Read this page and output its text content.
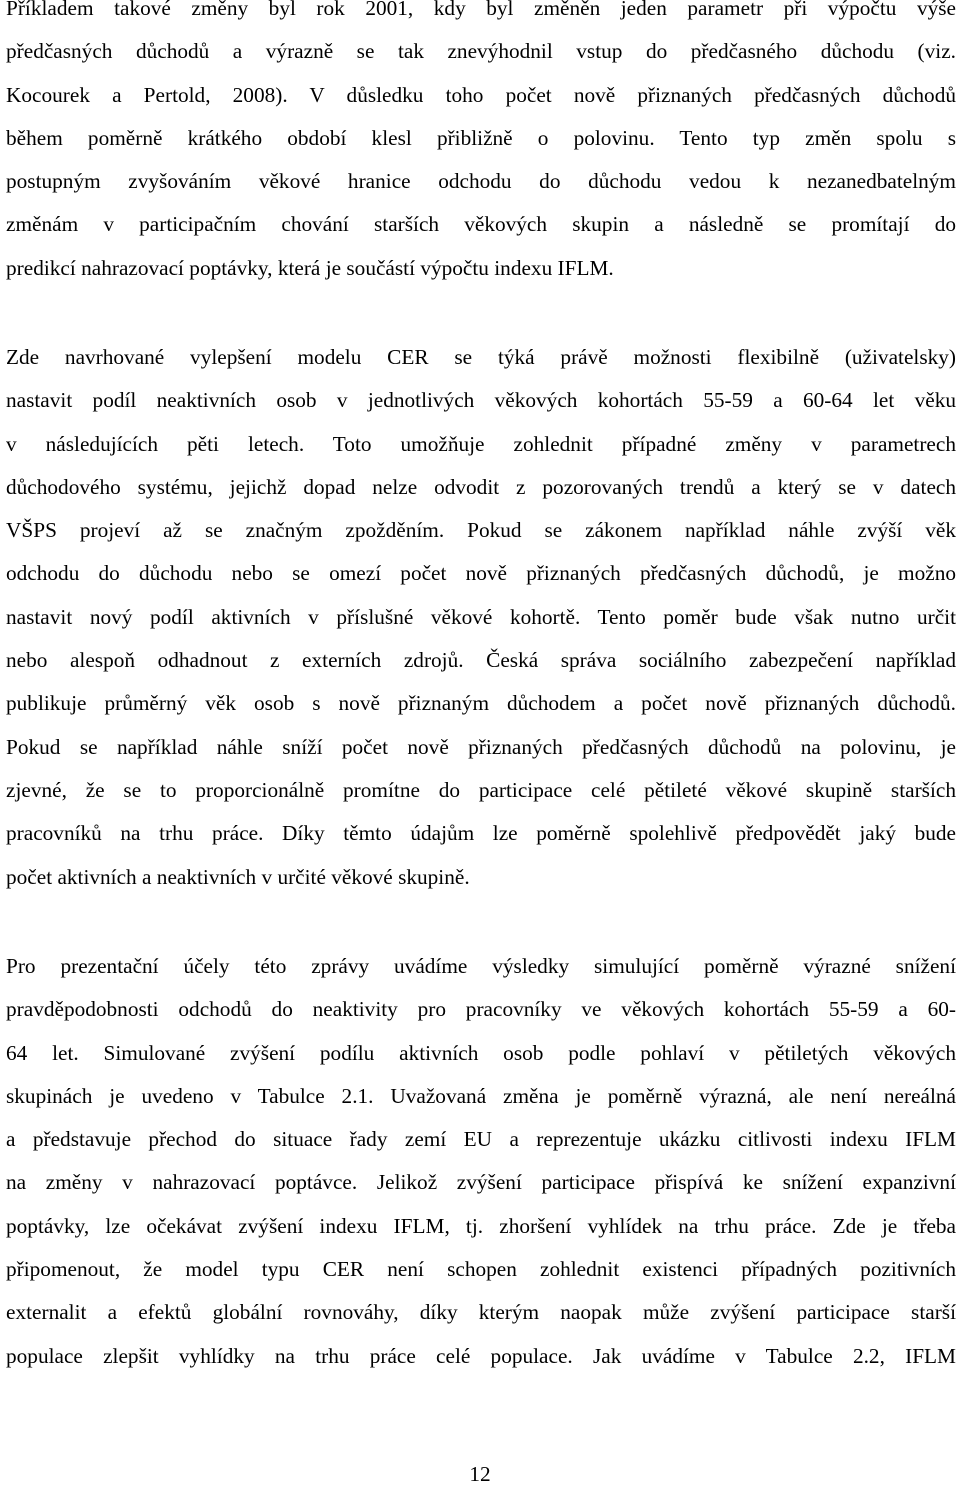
Příkladem takové změny byl rok 2001, kdy byl změněn jeden parametr při výpočtu výše
předčasných důchodů a výrazně se tak znevýhodnil vstup do předčasného důchodu (viz.
Kocourek a Pertold, 2008). V důsledku toho počet nově přiznaných předčasných důchodů
během poměrně krátkého období klesl přibližně o polovinu. Tento typ změn spolu s
postupným zvyšováním věkové hranice odchodu do důchodu vedou k nezanedbatelným
změnám v participačním chování starších věkových skupin a následně se promítají do
predikcí nahrazovací poptávky, která je součástí výpočtu indexu IFLM.
Zde navrhované vylepšení modelu CER se týká právě možnosti flexibilně (uživatelsky)
nastavit podíl neaktivních osob v jednotlivých věkových kohortách 55-59 a 60-64 let věku
v následujících pěti letech. Toto umožňuje zohlednit případné změny v parametrech
důchodového systému, jejichž dopad nelze odvodit z pozorovaných trendů a který se v datech
VŠPS projeví až se značným zpožděním. Pokud se zákonem například náhle zvýší věk
odchodu do důchodu nebo se omezí počet nově přiznaných předčasných důchodů, je možno
nastavit nový podíl aktivních v příslušné věkové kohortě. Tento poměr bude však nutno určit
nebo alespoň odhadnout z externích zdrojů. Česká správa sociálního zabezpečení například
publikuje průměrný věk osob s nově přiznaným důchodem a počet nově přiznaných důchodů.
Pokud se například náhle sníží počet nově přiznaných předčasných důchodů na polovinu, je
zjevné, že se to proporcionálně promítne do participace celé pětileté věkové skupině starších
pracovníků na trhu práce. Díky těmto údajům lze poměrně spolehlivě předpovědět jaký bude
počet aktivních a neaktivních v určité věkové skupině.
Pro prezentační účely této zprávy uvádíme výsledky simulující poměrně výrazné snížení
pravděpodobnosti odchodů do neaktivity pro pracovníky ve věkových kohortách 55-59 a 60-
64 let. Simulované zvýšení podílu aktivních osob podle pohlaví v pětiletých věkových
skupinách je uvedeno v Tabulce 2.1. Uvažovaná změna je poměrně výrazná, ale není nereálná
a představuje přechod do situace řady zemí EU a reprezentuje ukázku citlivosti indexu IFLM
na změny v nahrazovací poptávce. Jelikož zvýšení participace přispívá ke snížení expanzivní
poptávky, lze očekávat zvýšení indexu IFLM, tj. zhoršení vyhlídek na trhu práce. Zde je třeba
připomenout, že model typu CER není schopen zohlednit existenci případných pozitivních
externalit a efektů globální rovnováhy, díky kterým naopak může zvýšení participace starší
populace zlepšit vyhlídky na trhu práce celé populace. Jak uvádíme v Tabulce 2.2, IFLM
12
